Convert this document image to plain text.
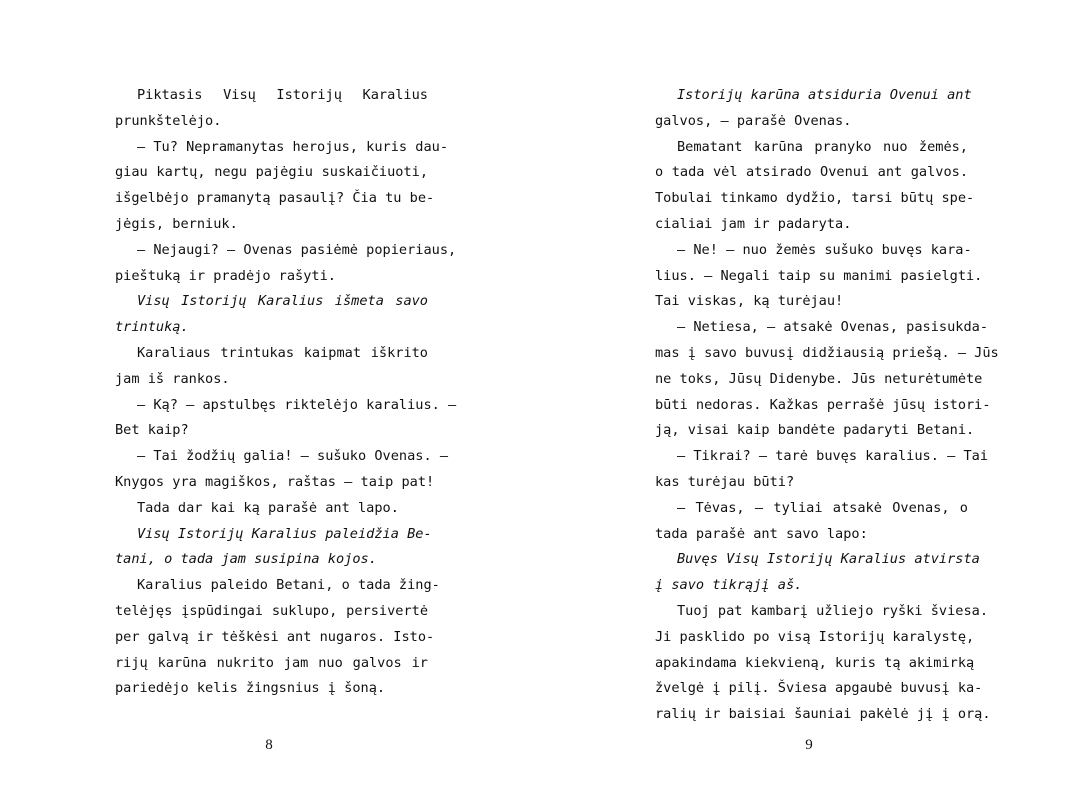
Piktasis Visų Istorijų Karalius
prunkštelėjo.
– Tu? Nepramanytas herojus, kuris dau-
giau kartų, negu pajėgiu suskaičiuoti,
išgelbėjo pramanytą pasaulį? Čia tu be-
jėgis, berniuk.
– Nejaugi? – Ovenas pasiėmė popieriaus,
pieštuką ir pradėjo rašyti.
Visų Istorijų Karalius išmeta savo
trintuką.
Karaliaus trintukas kaipmat iškrito
jam iš rankos.
– Ką? – apstulbęs riktelėjo karalius. –
Bet kaip?
– Tai žodžių galia! – sušuko Ovenas. –
Knygos yra magiškos, raštas – taip pat!
Tada dar kai ką parašė ant lapo.
Visų Istorijų Karalius paleidžia Be-
tani, o tada jam susipina kojos.
Karalius paleido Betani, o tada žing-
telėjęs įspūdingai suklupo, persivertė
per galvą ir tėškėsi ant nugaros. Isto-
rijų karūna nukrito jam nuo galvos ir
pariedėjo kelis žingsnius į šoną.
8
Istorijų karūna atsiduria Ovenui ant
galvos, – parašė Ovenas.
Bematant karūna pranyko nuo žemės,
o tada vėl atsirado Ovenui ant galvos.
Tobulai tinkamo dydžio, tarsi būtų spe-
cialiai jam ir padaryta.
– Ne! – nuo žemės sušuko buvęs kara-
lius. – Negali taip su manimi pasielgti.
Tai viskas, ką turėjau!
– Netiesa, – atsakė Ovenas, pasisukda-
mas į savo buvusį didžiausią priešą. – Jūs
ne toks, Jūsų Didenybe. Jūs neturėtumėte
būti nedoras. Kažkas perrašė jūsų istori-
ją, visai kaip bandėte padaryti Betani.
– Tikrai? – tarė buvęs karalius. – Tai
kas turėjau būti?
– Tėvas, – tyliai atsakė Ovenas, o
tada parašė ant savo lapo:
Buvęs Visų Istorijų Karalius atvirsta
į savo tikrąjį aš.
Tuoj pat kambarį užliejo ryški šviesa.
Ji pasklido po visą Istorijų karalystę,
apakindama kiekvieną, kuris tą akimirką
žvelgė į pilį. Šviesa apgaubė buvusį ka-
ralių ir baisiai šauniai pakėlė jį į orą.
9
